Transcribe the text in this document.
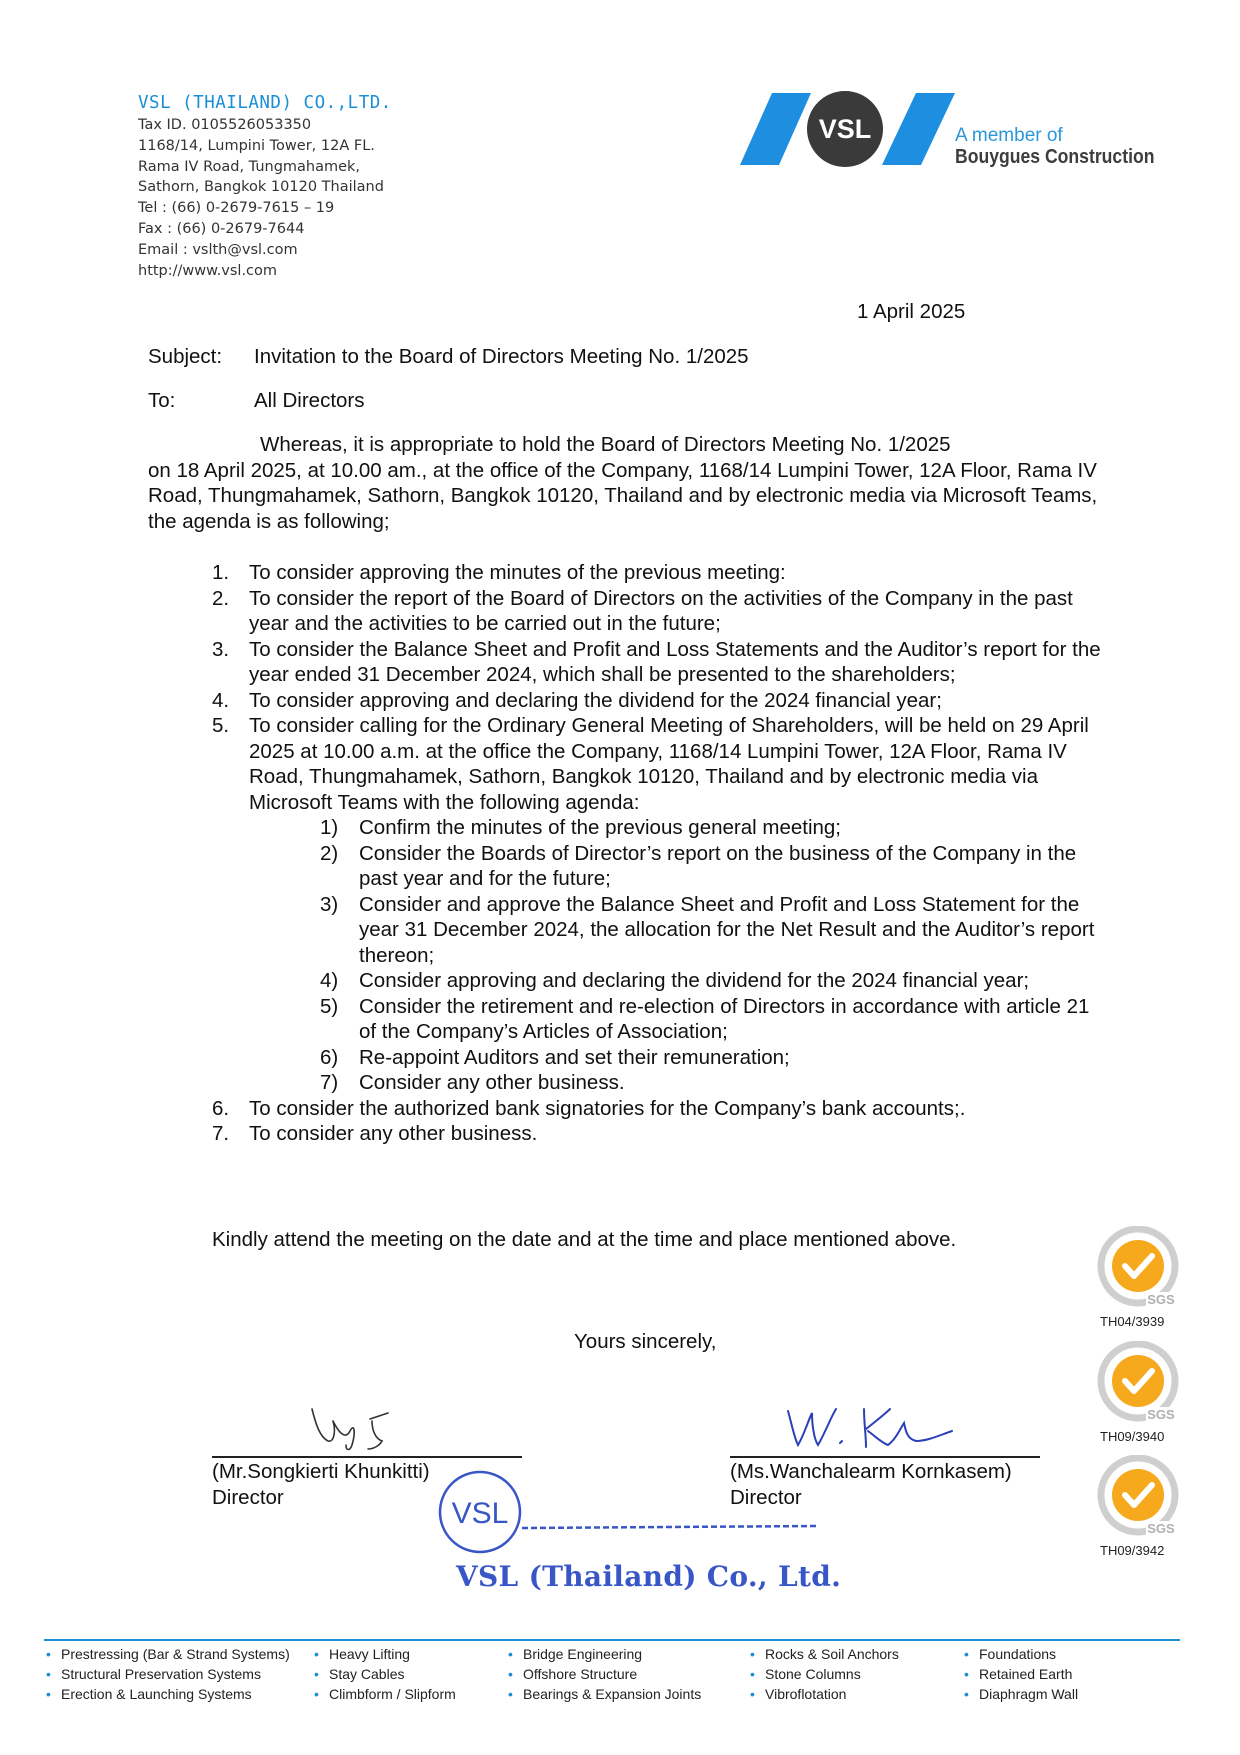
VSL (THAILAND) CO.,LTD.
Tax ID. 0105526053350
1168/14, Lumpini Tower, 12A FL.
Rama IV Road, Tungmahamek,
Sathorn, Bangkok 10120 Thailand
Tel : (66) 0-2679-7615 – 19
Fax : (66) 0-2679-7644
Email : vslth@vsl.com
http://www.vsl.com
VSL	A member of
Bouygues Construction
1 April 2025
Subject: Invitation to the Board of Directors Meeting No. 1/2025
To:	All Directors
Whereas, it is appropriate to hold the Board of Directors Meeting No. 1/2025
on 18 April 2025, at 10.00 am., at the office of the Company, 1168/14 Lumpini Tower, 12A Floor, Rama IV Road, Thungmahamek, Sathorn, Bangkok 10120, Thailand and by electronic media via Microsoft Teams, the agenda is as following;
1. To consider approving the minutes of the previous meeting:
2. To consider the report of the Board of Directors on the activities of the Company in the past year and the activities to be carried out in the future;
3. To consider the Balance Sheet and Profit and Loss Statements and the Auditor’s report for the year ended 31 December 2024, which shall be presented to the shareholders;
4. To consider approving and declaring the dividend for the 2024 financial year;
5. To consider calling for the Ordinary General Meeting of Shareholders, will be held on 29 April 2025 at 10.00 a.m. at the office the Company, 1168/14 Lumpini Tower, 12A Floor, Rama IV Road, Thungmahamek, Sathorn, Bangkok 10120, Thailand and by electronic media via Microsoft Teams with the following agenda:
1)	Confirm the minutes of the previous general meeting;
2)	Consider the Boards of Director’s report on the business of the Company in the past year and for the future;
3)	Consider and approve the Balance Sheet and Profit and Loss Statement for the year 31 December 2024, the allocation for the Net Result and the Auditor’s report thereon;
4)	Consider approving and declaring the dividend for the 2024 financial year;
5)	Consider the retirement and re-election of Directors in accordance with article 21 of the Company’s Articles of Association;
6)	Re-appoint Auditors and set their remuneration;
7)	Consider any other business.
6. To consider the authorized bank signatories for the Company’s bank accounts;.
7. To consider any other business.
Kindly attend the meeting on the date and at the time and place mentioned above.
Yours sincerely,
(Mr.Songkierti Khunkitti)
Director
(Ms.Wanchalearm Kornkasem)
Director
VSL
VSL (Thailand) Co., Ltd.
SGS
TH04/3939
SGS
TH09/3940
SGS
TH09/3942
• Prestressing (Bar & Strand Systems)
• Structural Preservation Systems
• Erection & Launching Systems
• Heavy Lifting
• Stay Cables
• Climbform / Slipform
• Bridge Engineering
• Offshore Structure
• Bearings & Expansion Joints
• Rocks & Soil Anchors
• Stone Columns
• Vibroflotation
• Foundations
• Retained Earth
• Diaphragm Wall
